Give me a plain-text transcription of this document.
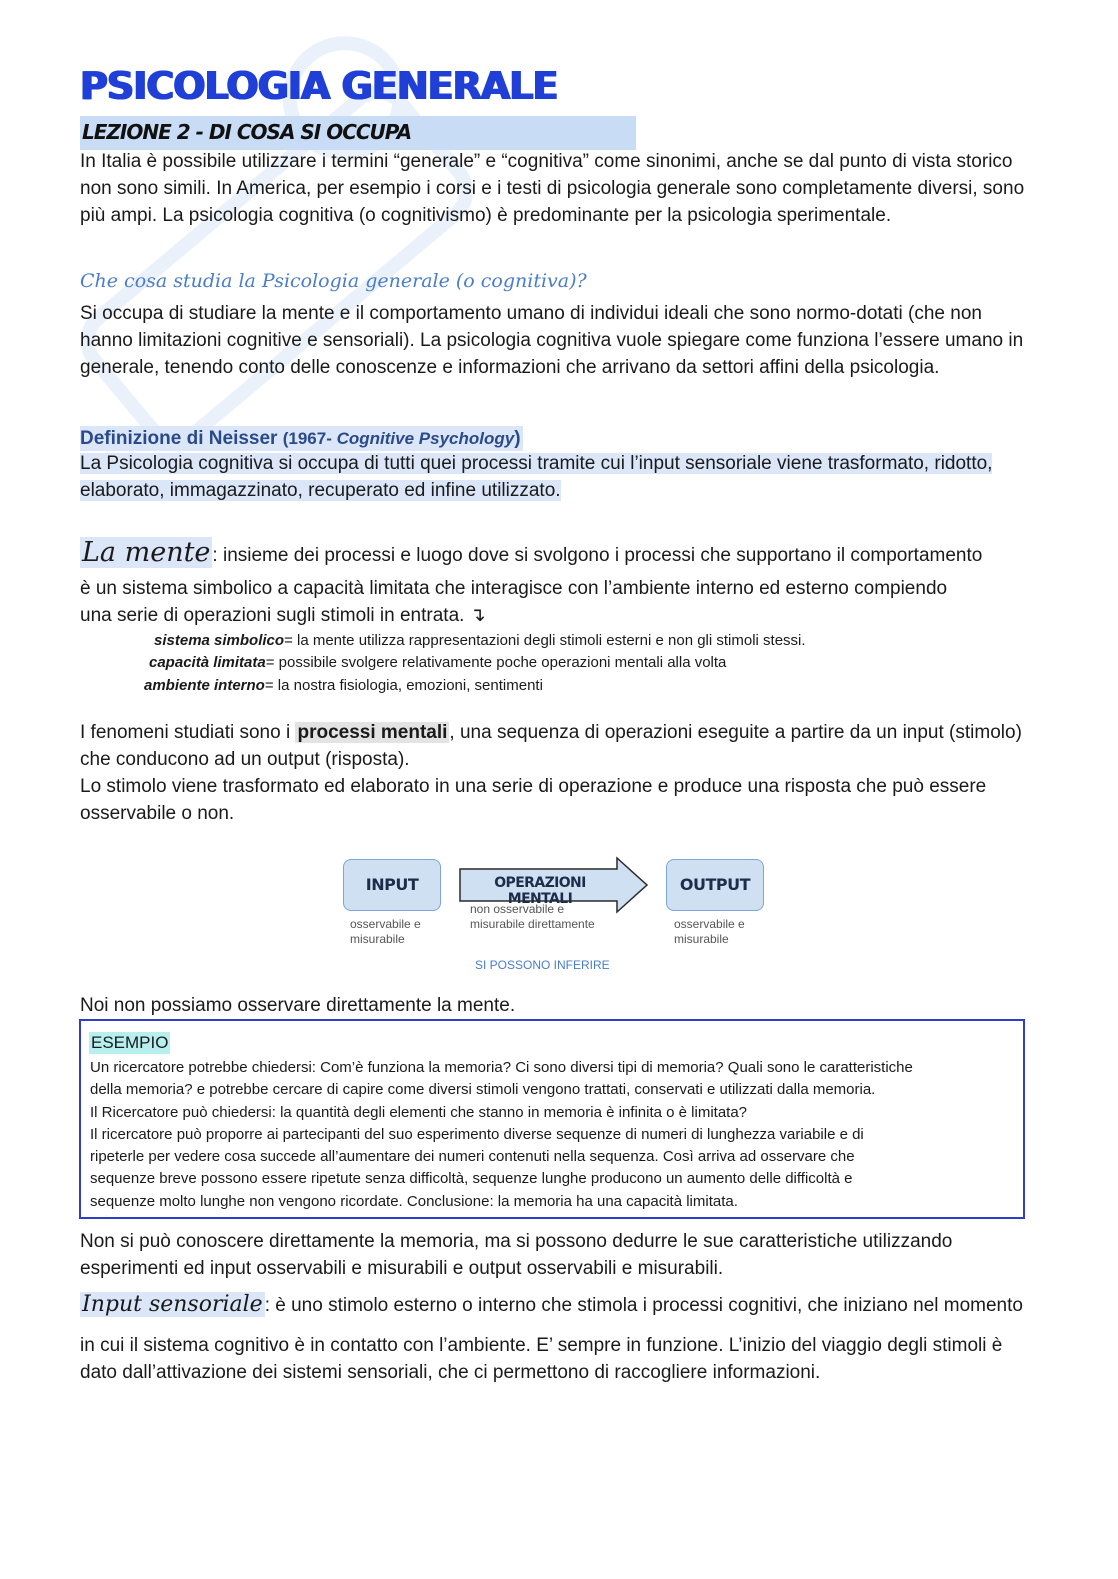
PSICOLOGIA GENERALE
LEZIONE 2 - DI COSA SI OCCUPA

In Italia è possibile utilizzare i termini “generale” e “cognitiva” come sinonimi, anche se dal punto di vista storico non sono simili. In America, per esempio i corsi e i testi di psicologia generale sono completamente diversi, sono più ampi. La psicologia cognitiva (o cognitivismo) è predominante per la psicologia sperimentale.

Che cosa studia la Psicologia generale (o cognitiva)?

Si occupa di studiare la mente e il comportamento umano di individui ideali che sono normo-dotati (che non hanno limitazioni cognitive e sensoriali). La psicologia cognitiva vuole spiegare come funziona l’essere umano in generale, tenendo conto delle conoscenze e informazioni che arrivano da settori affini della psicologia.

Definizione di Neisser (1967- Cognitive Psychology)
La Psicologia cognitiva si occupa di tutti quei processi tramite cui l’input sensoriale viene trasformato, ridotto, elaborato, immagazzinato, recuperato ed infine utilizzato.
La mente : insieme dei processi e luogo dove si svolgono i processi che supportano il comportamento
è un sistema simbolico a capacità limitata che interagisce con l’ambiente interno ed esterno compiendo
una serie di operazioni sugli stimoli in entrata. ↴
sistema simbolico= la mente utilizza rappresentazioni degli stimoli esterni e non gli stimoli stessi.
capacità limitata= possibile svolgere relativamente poche operazioni mentali alla volta
ambiente interno= la nostra fisiologia, emozioni, sentimenti
I fenomeni studiati sono i processi mentali , una sequenza di operazioni eseguite a partire da un input (stimolo) che conducono ad un output (risposta).
Lo stimolo viene trasformato ed elaborato in una serie di operazione e produce una risposta che può essere osservabile o non.
INPUT
osservabile e
misurabile
OPERAZIONI MENTALI
non osservabile e
misurabile direttamente
OUTPUT
osservabile e
misurabile
SI POSSONO INFERIRE

Noi non possiamo osservare direttamente la mente.

ESEMPIO
Un ricercatore potrebbe chiedersi: Com’è funziona la memoria? Ci sono diversi tipi di memoria? Quali sono le caratteristiche
della memoria? e potrebbe cercare di capire come diversi stimoli vengono trattati, conservati e utilizzati dalla memoria.
Il Ricercatore può chiedersi: la quantità degli elementi che stanno in memoria è infinita o è limitata?
Il ricercatore può proporre ai partecipanti del suo esperimento diverse sequenze di numeri di lunghezza variabile e di
ripeterle per vedere cosa succede all’aumentare dei numeri contenuti nella sequenza. Così arriva ad osservare che
sequenze breve possono essere ripetute senza difficoltà, sequenze lunghe producono un aumento delle difficoltà e
sequenze molto lunghe non vengono ricordate. Conclusione: la memoria ha una capacità limitata.

Non si può conoscere direttamente la memoria, ma si possono dedurre le sue caratteristiche utilizzando esperimenti ed input osservabili e misurabili e output osservabili e misurabili.

Input sensoriale : è uno stimolo esterno o interno che stimola i processi cognitivi, che iniziano nel momento
in cui il sistema cognitivo è in contatto con l’ambiente. E’ sempre in funzione. L’inizio del viaggio degli stimoli è dato dall’attivazione dei sistemi sensoriali, che ci permettono di raccogliere informazioni.
